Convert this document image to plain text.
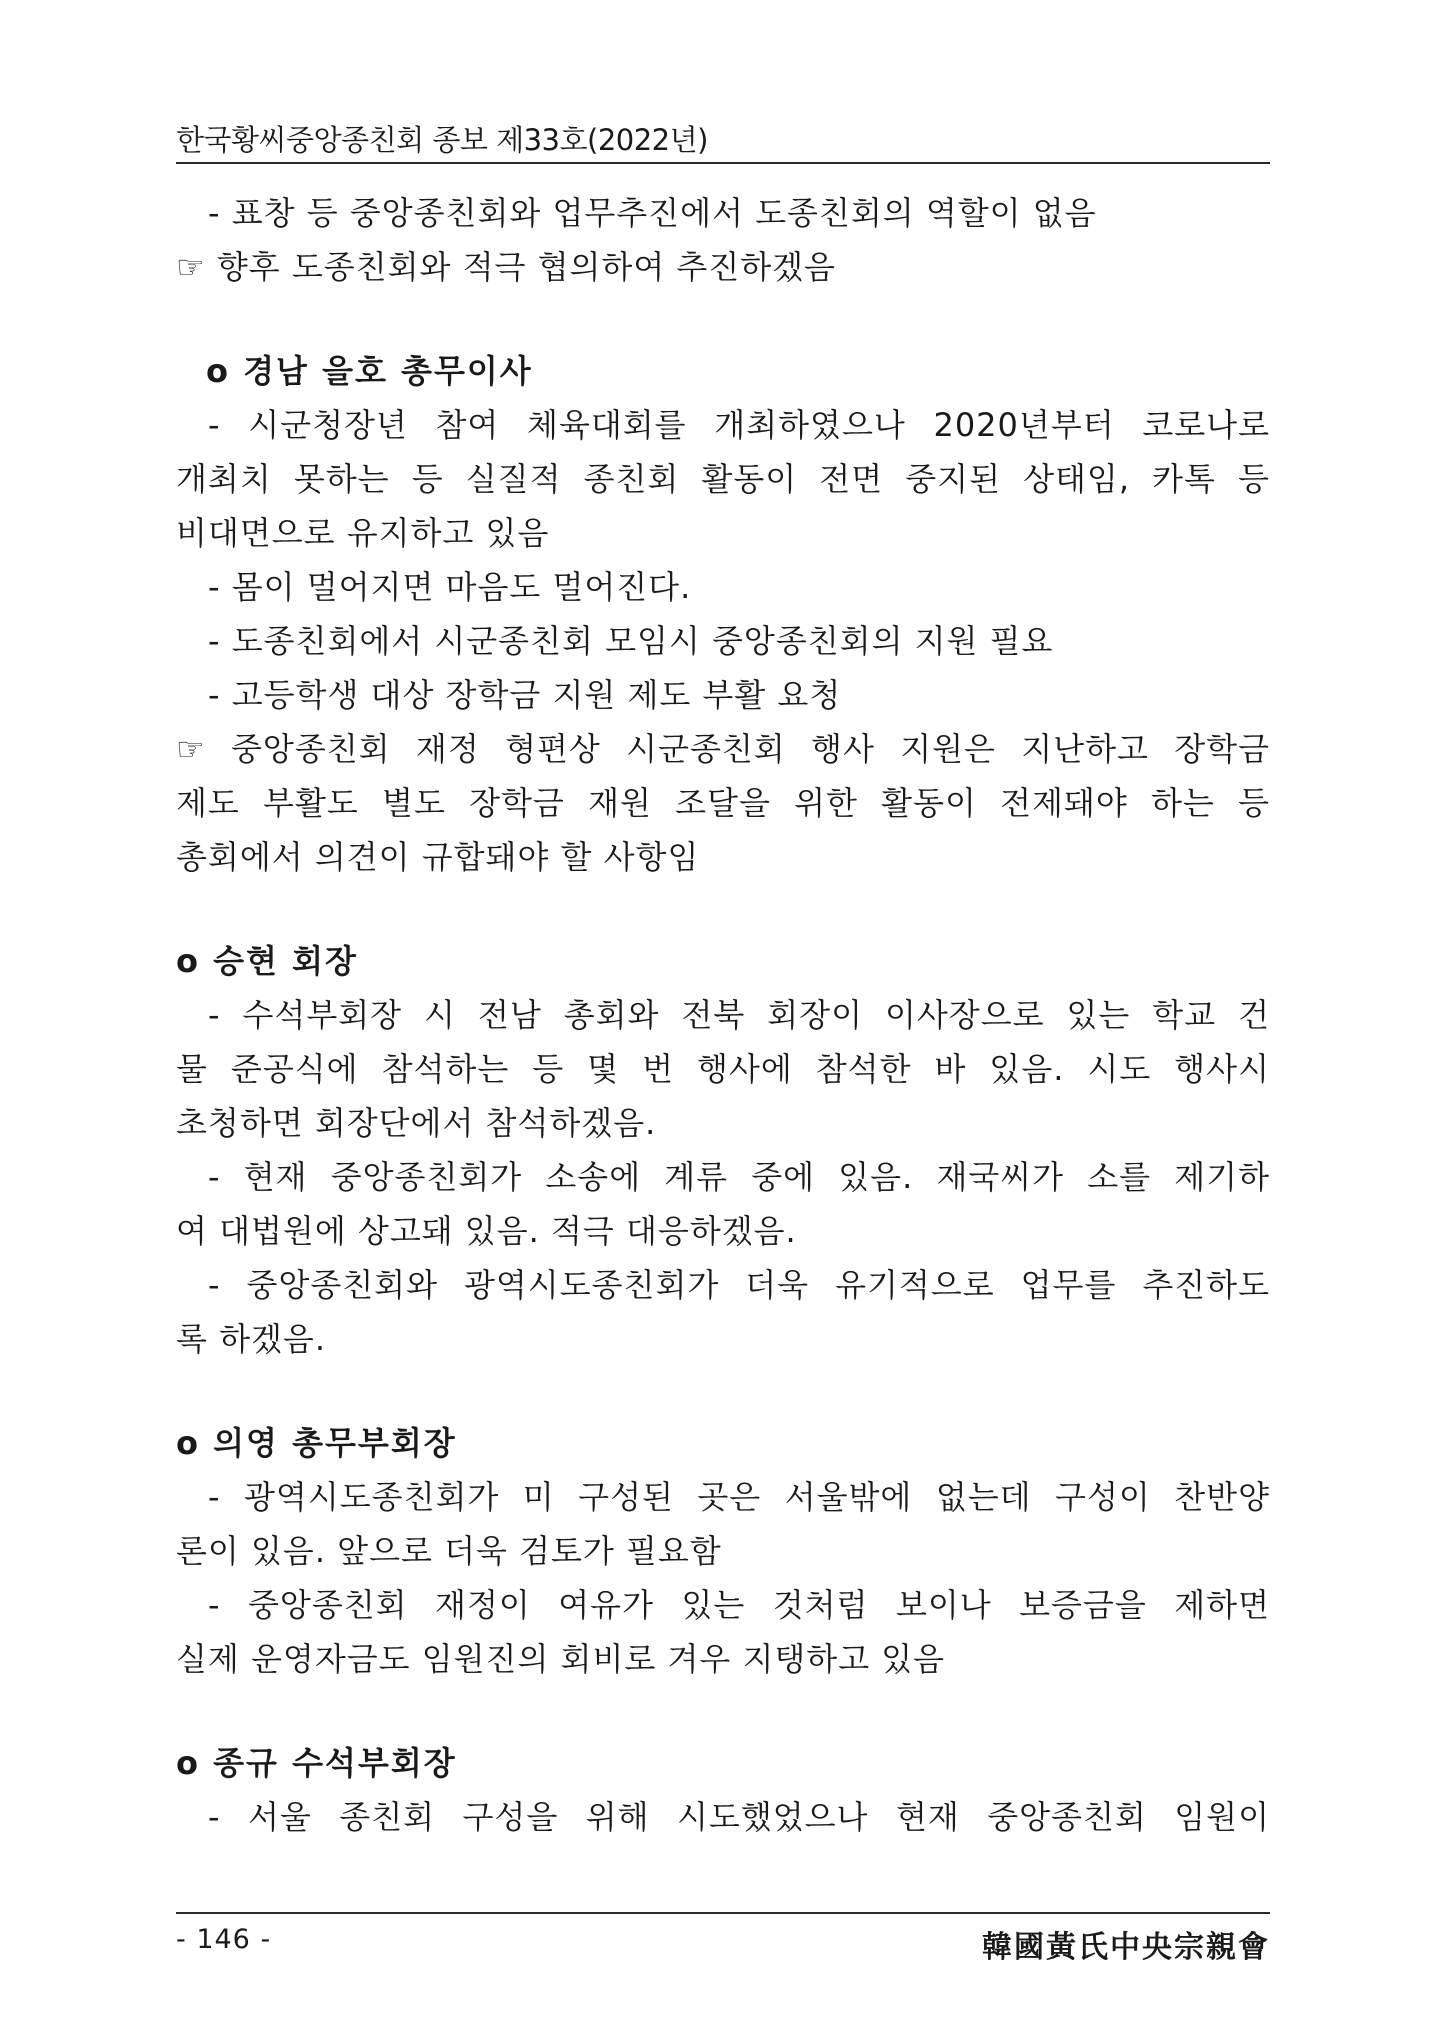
한국황씨중앙종친회 종보 제33호(2022년)
- 표창 등 중앙종친회와 업무추진에서 도종친회의 역할이 없음
☞ 향후 도종친회와 적극 협의하여 추진하겠음
o 경남 을호 총무이사
- 시군청장년 참여 체육대회를 개최하였으나 2020년부터 코로나로
개최치 못하는 등 실질적 종친회 활동이 전면 중지된 상태임, 카톡 등
비대면으로 유지하고 있음
- 몸이 멀어지면 마음도 멀어진다.
- 도종친회에서 시군종친회 모임시 중앙종친회의 지원 필요
- 고등학생 대상 장학금 지원 제도 부활 요청
☞ 중앙종친회 재정 형편상 시군종친회 행사 지원은 지난하고 장학금
제도 부활도 별도 장학금 재원 조달을 위한 활동이 전제돼야 하는 등
총회에서 의견이 규합돼야 할 사항임
o 승현 회장
- 수석부회장 시 전남 총회와 전북 회장이 이사장으로 있는 학교 건
물 준공식에 참석하는 등 몇 번 행사에 참석한 바 있음. 시도 행사시
초청하면 회장단에서 참석하겠음.
- 현재 중앙종친회가 소송에 계류 중에 있음. 재국씨가 소를 제기하
여 대법원에 상고돼 있음. 적극 대응하겠음.
- 중앙종친회와 광역시도종친회가 더욱 유기적으로 업무를 추진하도
록 하겠음.
o 의영 총무부회장
- 광역시도종친회가 미 구성된 곳은 서울밖에 없는데 구성이 찬반양
론이 있음. 앞으로 더욱 검토가 필요함
- 중앙종친회 재정이 여유가 있는 것처럼 보이나 보증금을 제하면
실제 운영자금도 임원진의 회비로 겨우 지탱하고 있음
o 종규 수석부회장
- 서울 종친회 구성을 위해 시도했었으나 현재 중앙종친회 임원이
- 146 -	韓國黃氏中央宗親會
